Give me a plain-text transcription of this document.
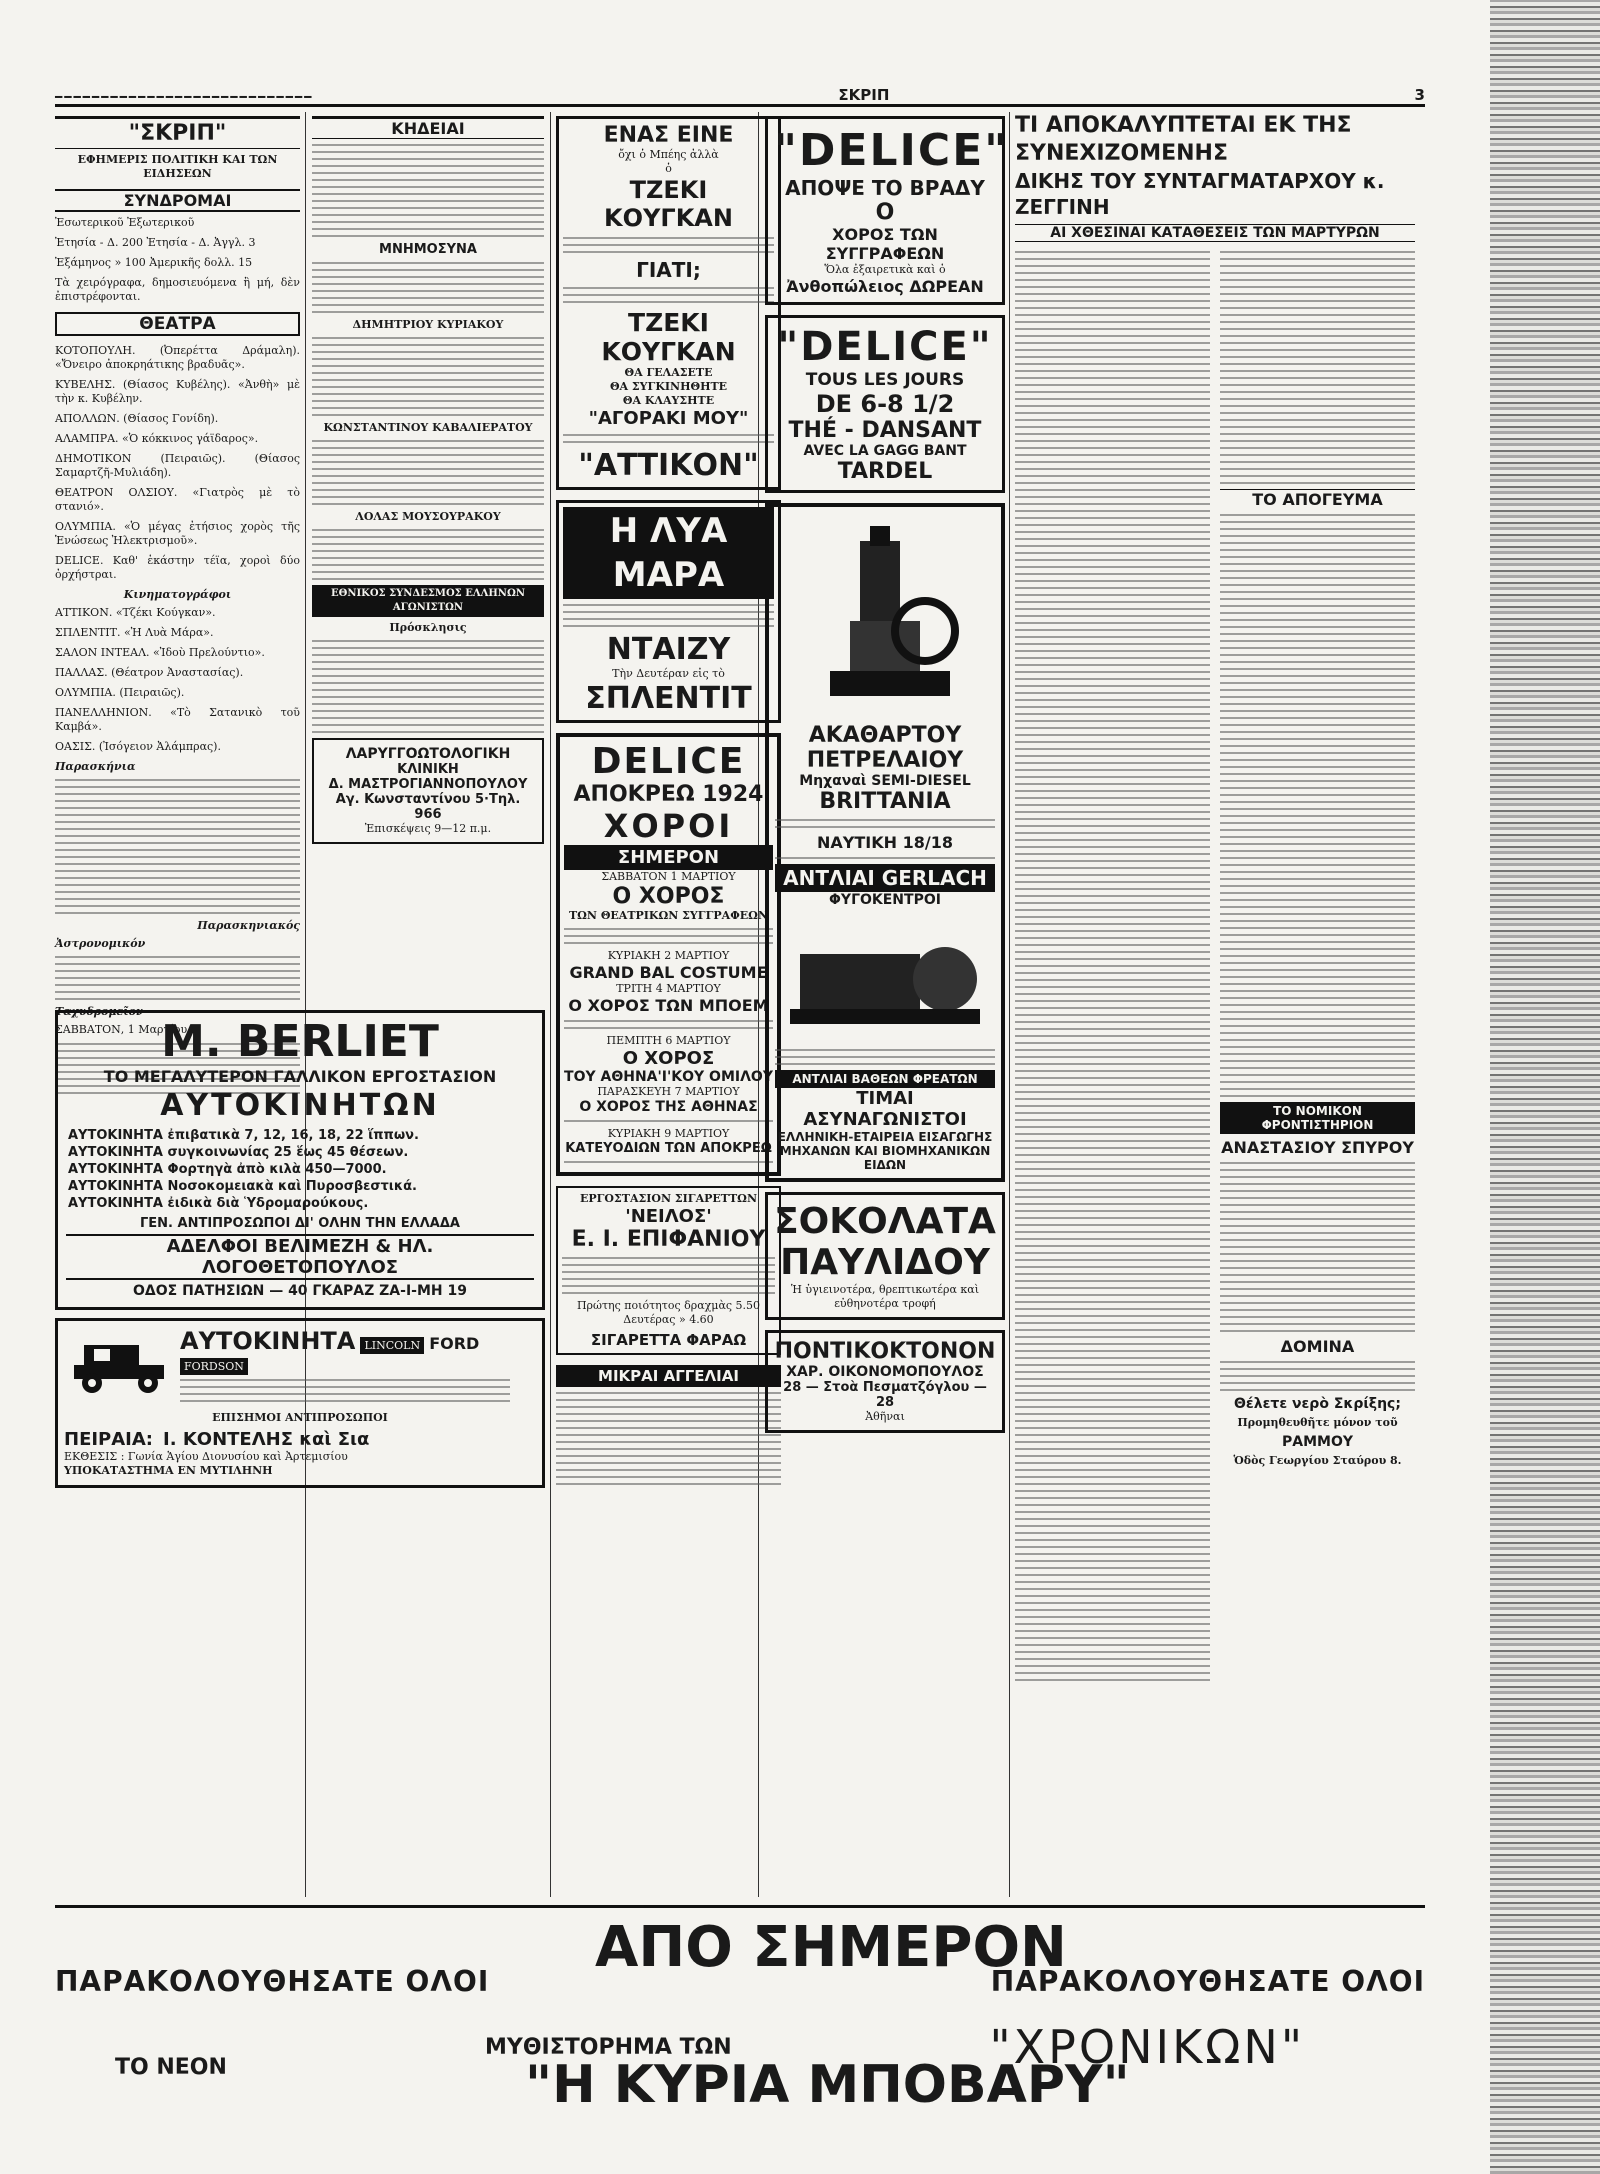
━━━━━━━━━━━━━━━━━━━━━━━━━━━━	ΣΚΡΙΠ	3
"ΣΚΡΙΠ"
ΕΦΗΜΕΡΙΣ ΠΟΛΙΤΙΚΗ ΚΑΙ ΤΩΝ ΕΙΔΗΣΕΩΝ
ΣΥΝΔΡΟΜΑΙ

Ἐσωτερικοῦ Ἐξωτερικοῦ

Ἐτησία - Δ. 200 Ἐτησία - Δ. Ἀγγλ. 3

Ἐξάμηνος » 100 Ἀμερικῆς δολλ. 15

Τὰ χειρόγραφα, δημοσιευόμενα ἢ μή, δὲν ἐπιστρέφονται.

ΘΕΑΤΡΑ

ΚΟΤΟΠΟΥΛΗ. (Ὀπερέττα Δράμαλη). «Ὄνειρο ἀποκρηάτικης βραδυᾶς».

ΚΥΒΕΛΗΣ. (Θίασος Κυβέλης). «Ἀνθὴ» μὲ τὴν κ. Κυβέλην.

ΑΠΟΛΛΩΝ. (Θίασος Γονίδη).

ΑΛΑΜΠΡΑ. «Ὁ κόκκινος γάϊδαρος».

ΔΗΜΟΤΙΚΟΝ (Πειραιῶς). (Θίασος Σαμαρτζῆ-Μυλιάδη).

ΘΕΑΤΡΟΝ ΟΛΣΙΟΥ. «Γιατρὸς μὲ τὸ στανιό».

ΟΛΥΜΠΙΑ. «Ὁ μέγας ἐτήσιος χορὸς τῆς Ἑνώσεως Ἠλεκτρισμοῦ».

DELICE. Καθ' ἑκάστην τέϊα, χοροὶ δύο ὀρχήστραι.

Κινηματογράφοι

ΑΤΤΙΚΟΝ. «Τζέκι Κούγκαν».

ΣΠΛΕΝΤΙΤ. «Ἡ Λυὰ Μάρα».

ΣΑΛΟΝ ΙΝΤΕΑΛ. «Ἰδοὺ Πρελούντιο».

ΠΑΛΛΑΣ. (Θέατρον Ἀναστασίας).

ΟΛΥΜΠΙΑ. (Πειραιῶς).

ΠΑΝΕΛΛΗΝΙΟΝ. «Τὸ Σατανικὸ τοῦ Καμβά».

ΟΑΣΙΣ. (Ἰσόγειον Ἀλάμπρας).

Παρασκήνια
Παρασκηνιακός
Ἀστρονομικόν
Ταχυδρομεῖον

ΣΑΒΒΑΤΟΝ, 1 Μαρτίου.

ΚΗΔΕΙΑΙ
ΜΝΗΜΟΣΥΝΑ
ΔΗΜΗΤΡΙΟΥ ΚΥΡΙΑΚΟΥ
ΚΩΝΣΤΑΝΤΙΝΟΥ ΚΑΒΑΛΙΕΡΑΤΟΥ
ΛΟΛΑΣ ΜΟΥΣΟΥΡΑΚΟΥ
ΕΘΝΙΚΟΣ ΣΥΝΔΕΣΜΟΣ ΕΛΛΗΝΩΝ ΑΓΩΝΙΣΤΩΝ
Πρόσκλησις
ΛΑΡΥΓΓΟΩΤΟΛΟΓΙΚΗ
ΚΛΙΝΙΚΗ
Δ. ΜΑΣΤΡΟΓΙΑΝΝΟΠΟΥΛΟΥ
Αγ. Κωνσταντίνου 5·Τηλ. 966
Ἐπισκέψεις 9—12 π.μ.
Μ. BERLIET
ΤΟ ΜΕΓΑΛΥΤΕΡΟΝ ΓΑΛΛΙΚΟΝ ΕΡΓΟΣΤΑΣΙΟΝ
ΑΥΤΟΚΙΝΗΤΩΝ
ΑΥΤΟΚΙΝΗΤΑ ἐπιβατικὰ 7, 12, 16, 18, 22 ἵππων.
ΑΥΤΟΚΙΝΗΤΑ συγκοινωνίας 25 ἕως 45 θέσεων.
ΑΥΤΟΚΙΝΗΤΑ Φορτηγὰ ἀπὸ κιλὰ 450—7000.
ΑΥΤΟΚΙΝΗΤΑ Νοσοκομειακὰ καὶ Πυροσβεστικά.
ΑΥΤΟΚΙΝΗΤΑ ἐιδικὰ διὰ Ὑδρομαρούκους.
ΓΕΝ. ΑΝΤΙΠΡΟΣΩΠΟΙ ΔΙ' ΟΛΗΝ ΤΗΝ ΕΛΛΑΔΑ
ΑΔΕΛΦΟΙ ΒΕΛΙΜΕΖΗ & ΗΛ. ΛΟΓΟΘΕΤΟΠΟΥΛΟΣ
ΟΔΟΣ ΠΑΤΗΣΙΩΝ — 40 ΓΚΑΡΑΖ ΖΑ-Ι-ΜΗ 19
ΑΥΤΟΚΙΝΗΤΑ LINCOLN FORD FORDSON
ΕΠΙΣΗΜΟΙ ΑΝΤΙΠΡΟΣΩΠΟΙ
ΠΕΙΡΑΙΑ: Ι. ΚΟΝΤΕΛΗΣ καὶ Σια
ΕΚΘΕΣΙΣ : Γωνία Ἁγίου Διονυσίου καὶ Ἀρτεμισίου
ΥΠΟΚΑΤΑΣΤΗΜΑ ΕΝ ΜΥΤΙΛΗΝΗ
ΕΝΑΣ ΕΙΝΕ
ὄχι ὁ Μπέης ἀλλὰ
ὁ
ΤΖΕΚΙ ΚΟΥΓΚΑΝ
ΓΙΑΤΙ;
ΤΖΕΚΙ ΚΟΥΓΚΑΝ
ΘΑ ΓΕΛΑΣΕΤΕ
ΘΑ ΣΥΓΚΙΝΗΘΗΤΕ
ΘΑ ΚΛΑΥΣΗΤΕ
"ΑΓΟΡΑΚΙ ΜΟΥ"
"ΑΤΤΙΚΟΝ"
Η ΛΥΑ ΜΑΡΑ
ΝΤΑΙΖΥ
Τὴν Δευτέραν εἰς τὸ
ΣΠΛΕΝΤΙΤ
DELICE
ΑΠΟΚΡΕΩ 1924
ΧΟΡΟΙ
ΣΗΜΕΡΟΝ
ΣΑΒΒΑΤΟΝ 1 ΜΑΡΤΙΟΥ
Ο ΧΟΡΟΣ
ΤΩΝ ΘΕΑΤΡΙΚΩΝ ΣΥΓΓΡΑΦΕΩΝ
ΚΥΡΙΑΚΗ 2 ΜΑΡΤΙΟΥ
GRAND BAL COSTUME
ΤΡΙΤΗ 4 ΜΑΡΤΙΟΥ
Ο ΧΟΡΟΣ ΤΩΝ ΜΠΟΕΜ
ΠΕΜΠΤΗ 6 ΜΑΡΤΙΟΥ
Ο ΧΟΡΟΣ
ΤΟΥ ΑΘΗΝΑ'Ι'ΚΟΥ ΟΜΙΛΟΥ
ΠΑΡΑΣΚΕΥΗ 7 ΜΑΡΤΙΟΥ
Ο ΧΟΡΟΣ ΤΗΣ ΑΘΗΝΑΣ
ΚΥΡΙΑΚΗ 9 ΜΑΡΤΙΟΥ
ΚΑΤΕΥΟΔΙΩΝ ΤΩΝ ΑΠΟΚΡΕΩ
ΕΡΓΟΣΤΑΣΙΟΝ ΣΙΓΑΡΕΤΤΩΝ
'ΝΕΙΛΟΣ'
Ε. Ι. ΕΠΙΦΑΝΙΟΥ
Πρώτης ποιότητος δραχμὰς 5.50
Δευτέρας » 4.60
ΣΙΓΑΡΕΤΤΑ ΦΑΡΑΩ
ΜΙΚΡΑΙ ΑΓΓΕΛΙΑΙ
"DELICE"
ΑΠΟΨΕ ΤΟ ΒΡΑΔΥ
Ο
ΧΟΡΟΣ ΤΩΝ ΣΥΓΓΡΑΦΕΩΝ
Ὅλα ἐξαιρετικὰ καὶ ὁ
Ἀνθοπώλειος ΔΩΡΕΑΝ
"DELICE"
TOUS LES JOURS
DE 6-8 1/2
THÉ - DANSANT
AVEC LA GAGG BANT
TARDEL
ΑΚΑΘΑΡΤΟΥ
ΠΕΤΡΕΛΑΙΟΥ
Μηχαναὶ SEMI-DIESEL
BRITTANIA
ΝΑΥΤΙΚΗ 18/18
ΑΝΤΛΙΑΙ GERLACH
ΦΥΓΟΚΕΝΤΡΟΙ
ΑΝΤΛΙΑΙ ΒΑΘΕΩΝ ΦΡΕΑΤΩΝ
ΤΙΜΑΙ ΑΣΥΝΑΓΩΝΙΣΤΟΙ
ΕΛΛΗΝΙΚΗ-ΕΤΑΙΡΕΙΑ ΕΙΣΑΓΩΓΗΣ ΜΗΧΑΝΩΝ ΚΑΙ ΒΙΟΜΗΧΑΝΙΚΩΝ ΕΙΔΩΝ
ΣΟΚΟΛΑΤΑ
ΠΑΥΛΙΔΟΥ
Ἡ ὑγιεινοτέρα, θρεπτικωτέρα καὶ εὐθηνοτέρα τροφή
ΠΟΝΤΙΚΟΚΤΟΝΟΝ
ΧΑΡ. ΟΙΚΟΝΟΜΟΠΟΥΛΟΣ
28 — Στοὰ Πεσματζόγλου — 28
Ἀθῆναι
ΤΙ ΑΠΟΚΑΛΥΠΤΕΤΑΙ ΕΚ ΤΗΣ ΣΥΝΕΧΙΖΟΜΕΝΗΣ
ΔΙΚΗΣ ΤΟΥ ΣΥΝΤΑΓΜΑΤΑΡΧΟΥ κ. ΖΕΓΓΙΝΗ
ΑΙ ΧΘΕΣΙΝΑΙ ΚΑΤΑΘΕΣΕΙΣ ΤΩΝ ΜΑΡΤΥΡΩΝ
ΤΟ ΑΠΟΓΕΥΜΑ
ΤΟ ΝΟΜΙΚΟΝ ΦΡΟΝΤΙΣΤΗΡΙΟΝ
ΑΝΑΣΤΑΣΙΟΥ ΣΠΥΡΟΥ
ΔΟΜΙΝΑ
Θέλετε νερὸ Σκρίξης;
Προμηθευθῆτε μόνον τοῦ
ΡΑΜΜΟΥ
Ὁδὸς Γεωργίου Σταύρου 8.
ΠΑΡΑΚΟΛΟΥΘΗΣΑΤΕ ΟΛΟΙ
ΑΠΟ ΣΗΜΕΡΟΝ
ΠΑΡΑΚΟΛΟΥΘΗΣΑΤΕ ΟΛΟΙ
ΤΟ ΝΕΟΝ
ΜΥΘΙΣΤΟΡΗΜΑ ΤΩΝ	"ΧΡΟΝΙΚΩΝ"
"Η ΚΥΡΙΑ ΜΠΟΒΑΡΥ"
